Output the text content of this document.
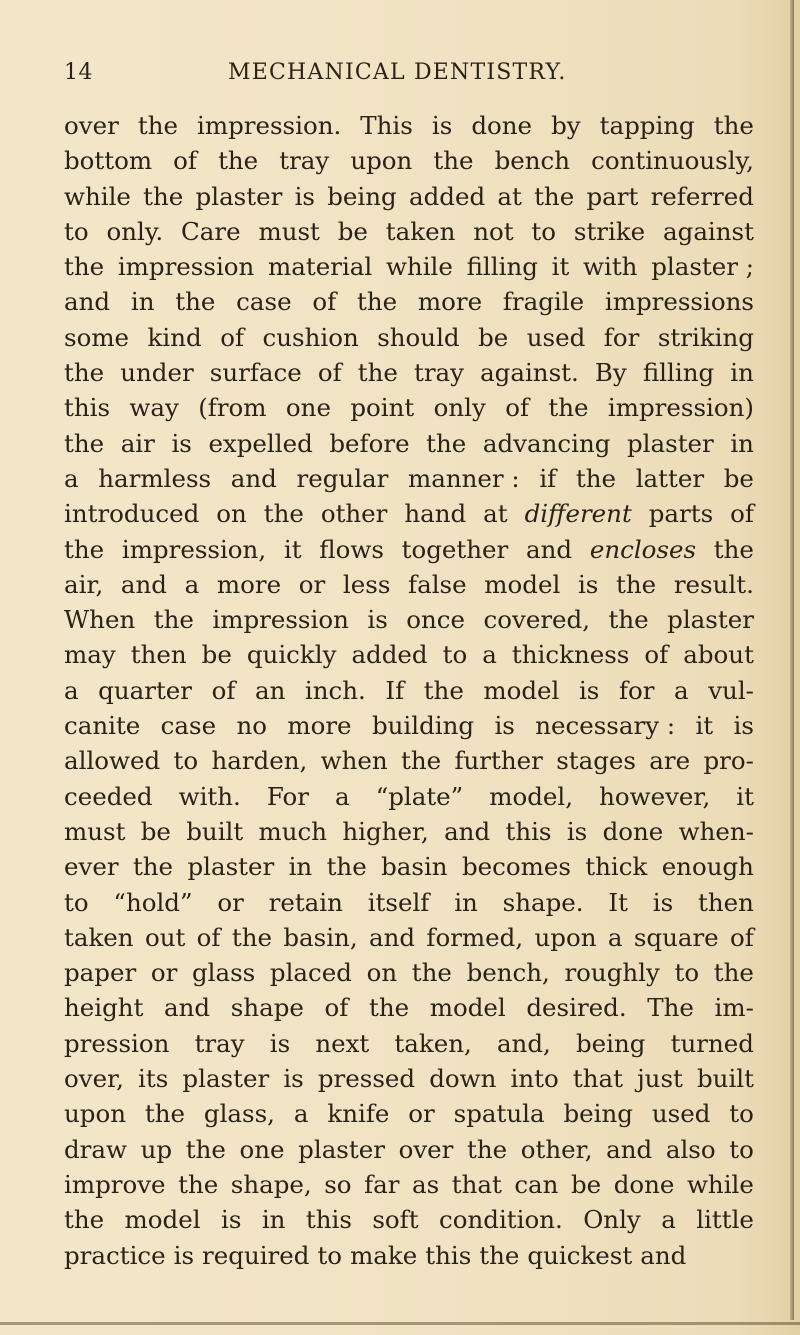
14	MECHANICAL DENTISTRY.
over the impression. This is done by tapping the
bottom of the tray upon the bench continuously,
while the plaster is being added at the part referred
to only. Care must be taken not to strike against
the impression material while filling it with plaster ;
and in the case of the more fragile impressions
some kind of cushion should be used for striking
the under surface of the tray against. By filling in
this way (from one point only of the impression)
the air is expelled before the advancing plaster in
a harmless and regular manner : if the latter be
introduced on the other hand at different parts of
the impression, it flows together and encloses the
air, and a more or less false model is the result.
When the impression is once covered, the plaster
may then be quickly added to a thickness of about
a quarter of an inch. If the model is for a vul-
canite case no more building is necessary : it is
allowed to harden, when the further stages are pro-
ceeded with. For a “plate” model, however, it
must be built much higher, and this is done when-
ever the plaster in the basin becomes thick enough
to “hold” or retain itself in shape. It is then
taken out of the basin, and formed, upon a square of
paper or glass placed on the bench, roughly to the
height and shape of the model desired. The im-
pression tray is next taken, and, being turned
over, its plaster is pressed down into that just built
upon the glass, a knife or spatula being used to
draw up the one plaster over the other, and also to
improve the shape, so far as that can be done while
the model is in this soft condition. Only a little
practice is required to make this the quickest and
